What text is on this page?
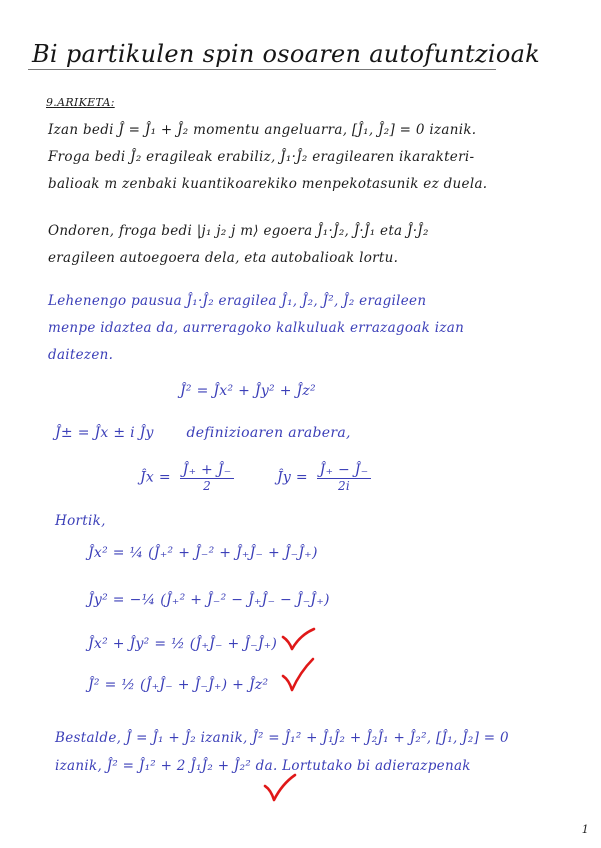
Bi partikulen spin osoaren autofuntzioak
9.ARIKETA:
Izan bedi Ĵ = Ĵ₁ + Ĵ₂ momentu angeluarra, [Ĵ₁, Ĵ₂] = 0 izanik.
Froga bedi Ĵ₂ eragileak erabiliz, Ĵ₁·Ĵ₂ eragilearen ikarakteri-
balioak m zenbaki kuantikoarekiko menpekotasunik ez duela.
Ondoren, froga bedi |j₁ j₂ j m⟩ egoera Ĵ₁·Ĵ₂, Ĵ·Ĵ₁ eta Ĵ·Ĵ₂
eragileen autoegoera dela, eta autobalioak lortu.
Lehenengo pausua Ĵ₁·Ĵ₂ eragilea Ĵ₁, Ĵ₂, Ĵ², Ĵ₂ eragileen
menpe idaztea da, aurreragoko kalkuluak errazagoak izan
daitezen.
Ĵ² = Ĵx² + Ĵy² + Ĵz²
Ĵ± = Ĵx ± i Ĵy definizioaren arabera,
Ĵx = $\frac{Ĵ_+ + Ĵ_-}{2}$	Ĵy = $\frac{Ĵ_+ - Ĵ_-}{2i}$
Hortik,
Ĵx² = ¼ (Ĵ₊² + Ĵ₋² + Ĵ₊Ĵ₋ + Ĵ₋Ĵ₊)
Ĵy² = −¼ (Ĵ₊² + Ĵ₋² − Ĵ₊Ĵ₋ − Ĵ₋Ĵ₊)
Ĵx² + Ĵy² = ½ (Ĵ₊Ĵ₋ + Ĵ₋Ĵ₊)
Ĵ² = ½ (Ĵ₊Ĵ₋ + Ĵ₋Ĵ₊) + Ĵz²
Bestalde, Ĵ = Ĵ₁ + Ĵ₂ izanik, Ĵ² = Ĵ₁² + Ĵ₁Ĵ₂ + Ĵ₂Ĵ₁ + Ĵ₂², [Ĵ₁, Ĵ₂] = 0
izanik, Ĵ² = Ĵ₁² + 2 Ĵ₁Ĵ₂ + Ĵ₂² da. Lortutako bi adierazpenak
1
